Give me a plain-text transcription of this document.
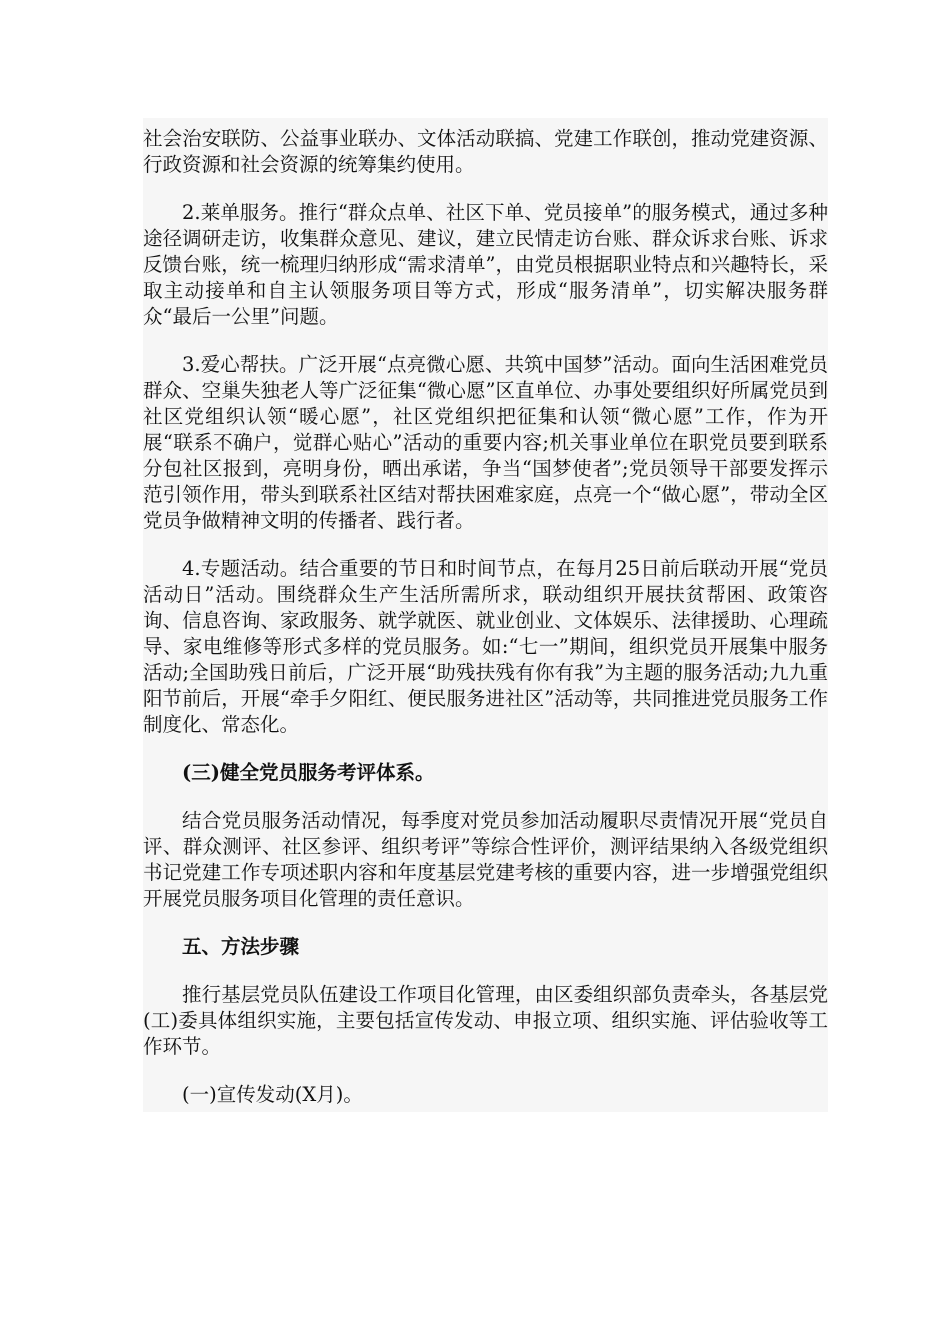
社会治安联防、公益事业联办、文体活动联搞、党建工作联创，推动党建资源、行政资源和社会资源的统筹集约使用。

2.莱单服务。推行“群众点单、社区下单、党员接单”的服务模式，通过多种途径调研走访，收集群众意见、建议，建立民情走访台账、群众诉求台账、诉求反馈台账，统一梳理归纳形成“需求清单”，由党员根据职业特点和兴趣特长，采取主动接单和自主认领服务项目等方式，形成“服务清单”，切实解决服务群众“最后一公里”问题。

3.爱心帮扶。广泛开展“点亮微心愿、共筑中国梦”活动。面向生活困难党员群众、空巢失独老人等广泛征集“微心愿”区直单位、办事处要组织好所属党员到社区党组织认领“暖心愿”，社区党组织把征集和认领“微心愿”工作，作为开展“联系不确户，觉群心贴心”活动的重要内容;机关事业单位在职党员要到联系分包社区报到，亮明身份，晒出承诺，争当“国梦使者”;党员领导干部要发挥示范引领作用，带头到联系社区结对帮扶困难家庭，点亮一个“做心愿”，带动全区党员争做精神文明的传播者、践行者。

4.专题活动。结合重要的节日和时间节点，在每月25日前后联动开展“党员活动日”活动。围绕群众生产生活所需所求，联动组织开展扶贫帮困、政策咨询、信息咨询、家政服务、就学就医、就业创业、文体娱乐、法律援助、心理疏导、家电维修等形式多样的党员服务。如:“七一”期间，组织党员开展集中服务活动;全国助残日前后，广泛开展“助残扶残有你有我”为主题的服务活动;九九重阳节前后，开展“牵手夕阳红、便民服务进社区”活动等，共同推进党员服务工作制度化、常态化。

(三)健全党员服务考评体系。

结合党员服务活动情况，每季度对党员参加活动履职尽责情况开展“党员自评、群众测评、社区参评、组织考评”等综合性评价，测评结果纳入各级党组织书记党建工作专项述职内容和年度基层党建考核的重要内容，进一步增强党组织开展党员服务项目化管理的责任意识。

五、方法步骤

推行基层党员队伍建设工作项目化管理，由区委组织部负责牵头，各基层党(工)委具体组织实施，主要包括宣传发动、申报立项、组织实施、评估验收等工作环节。

(一)宣传发动(X月)。
